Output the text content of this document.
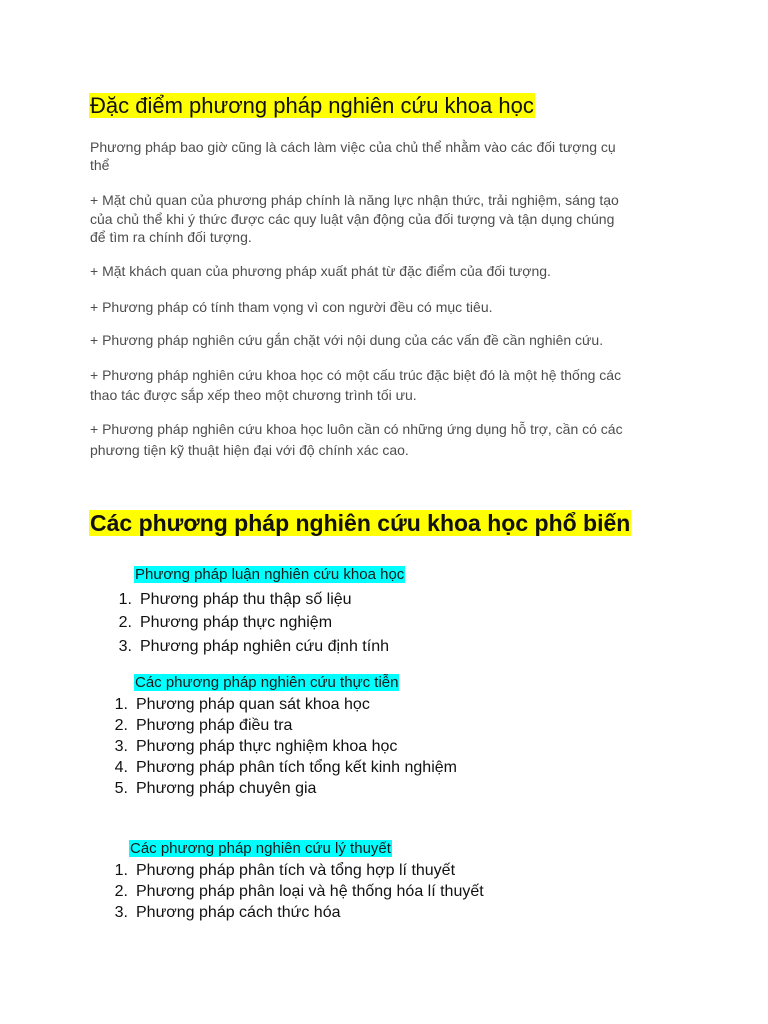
Đặc điểm phương pháp nghiên cứu khoa học
Phương pháp bao giờ cũng là cách làm việc của chủ thể nhằm vào các đối tượng cụ
thể
+ Mặt chủ quan của phương pháp chính là năng lực nhận thức, trải nghiệm, sáng tạo
của chủ thể khi ý thức được các quy luật vận động của đối tượng và tận dụng chúng
để tìm ra chính đối tượng.
+ Mặt khách quan của phương pháp xuất phát từ đặc điểm của đối tượng.
+ Phương pháp có tính tham vọng vì con người đều có mục tiêu.
+ Phương pháp nghiên cứu gắn chặt với nội dung của các vấn đề cần nghiên cứu.
+ Phương pháp nghiên cứu khoa học có một cấu trúc đặc biệt đó là một hệ thống các
thao tác được sắp xếp theo một chương trình tối ưu.
+ Phương pháp nghiên cứu khoa học luôn cần có những ứng dụng hỗ trợ, cần có các
phương tiện kỹ thuật hiện đại với độ chính xác cao.
Các phương pháp nghiên cứu khoa học phổ biến
Phương pháp luận nghiên cứu khoa học
1. Phương pháp thu thập số liệu
2. Phương pháp thực nghiệm
3. Phương pháp nghiên cứu định tính
Các phương pháp nghiên cứu thực tiễn
1. Phương pháp quan sát khoa học
2. Phương pháp điều tra
3. Phương pháp thực nghiệm khoa học
4. Phương pháp phân tích tổng kết kinh nghiệm
5. Phương pháp chuyên gia
Các phương pháp nghiên cứu lý thuyết
1. Phương pháp phân tích và tổng hợp lí thuyết
2. Phương pháp phân loại và hệ thống hóa lí thuyết
3. Phương pháp cách thức hóa
